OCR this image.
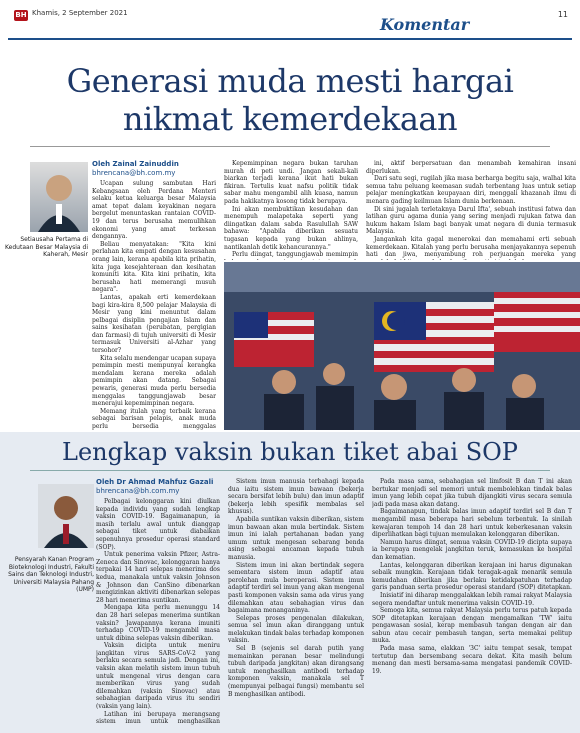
BH Khamis, 2 September 2021
Komentar
11
Generasi muda mesti hargai
nikmat kemerdekaan
Setiausaha Pertama di Kedutaan Besar Malaysia di Kaherah, Mesir
Oleh Zainal Zainuddin
bhrencana@bh.com.my

Ucapan sulung sambutan Hari Kebangsaan oleh Perdana Menteri selaku ketua keluarga besar Malaysia amat tepat dalam keyakinan negara bergelut menuntaskan rantaian COVID-19 dan terus berusaha memulihkan ekonomi yang amat terkesan dengannya.

Beliau menyatakan: "Kita kini perlahan kita empati dengan kesusahan orang lain, kerana apabila kita prihatin, kita juga kesejahteraan dan kesihatan komuniti kita. Kita kini prihatin, kita berusaha hati memerangi musuh negara".

Lantas, apakah erti kemerdekaan bagi kira-kira 8,500 pelajar Malaysia di Mesir yang kini menuntut dalam pelbagai disiplin pengajian Islam dan sains kesihatan (perubatan, pergigian dan farmasi) di tujuh universiti di Mesir termasuk Universiti al-Azhar yang tersohor?

Kita selalu mendengar ucapan supaya pemimpin mesti mempunyai kerangka mendalam kerana mereka adalah pemimpin akan datang. Sebagai pewaris, generasi muda perlu bersedia menggalas tanggungjawab besar menerajui kepemimpinan negara.

Memang itulah yang terbaik kerana sebagai barisan pelapis, anak muda perlu bersedia menggalas

Kepemimpinan negara bukan taruhan murah di peti undi. Jangan sekali-kali biarkan terjadi kerana ikut hati bukan fikiran. Tertulis kuat nafsu politik tidak sabar mahu mengambil alih kuasa, namun pada hakikatnya kosong tidak berupaya.

Ini akan membuktikan kesudahan dan menempuh malapetaka seperti yang diingatkan dalam sabda Rasulullah SAW bahawa: "Apabila diberikan sesuatu tugasan kepada yang bukan ahlinya, nantikanlah detik kehancurannya."

Perlu diingat, tanggungjawab memimpin

ini, aktif berpersatuan dan menambah kemahiran insani diperlukan.

Dari satu segi, rugilah jika masa berharga begitu saja, walhal kita semua tahu peluang keemasan sudah terbentang luas untuk setiap pelajar meningkatkan keupayaan diri, menggali khazanah ilmu di menara gading keilmuan Islam dunia berkenaan.

Di sini jugalah terletaknya Darul Ifta', sebuah institusi fatwa dan latihan guru agama dunia yang sering menjadi rujukan fatwa dan hukum hakam Islam bagi banyak umat negara di dunia termasuk Malaysia.

Jangankah kita gagal menerokai dan memahami erti sebuah kemerdekaan. Kitalah yang perlu berusaha menjayakannya sepenuh hati dan jiwa, menyambung roh perjuangan mereka yang

Lengkap vaksin bukan tiket abai SOP
Pensyarah Kanan Program Bioteknologi Industri, Fakulti Sains dan Teknologi Industri, Universiti Malaysia Pahang (UMP)
Oleh Dr Ahmad Mahfuz Gazali
bhrencana@bh.com.my

Pelbagai kelonggaran kini diulkan kepada individu yang sudah lengkap vaksin COVID-19. Bagaimanapun, ia masih terlalu awal untuk dianggap sebagai tiket untuk diabaikan sepenuhnya prosedur operasi standard (SOP).

Untuk penerima vaksin Pfizer, Astra-Zeneca dan Sinovac, kelonggaran hanya terpakai 14 hari selepas menerima dos kedua, manakala untuk vaksin Johnson & Johnson dan CanSino dibenarkan mengizinkan aktiviti dibenarkan selepas 28 hari menerima suntikan.

Mengapa kita perlu menunggu 14 dan 28 hari selepas menerima suntikan vaksin? Jawapannya kerana imuniti terhadap COVID-19 mengambil masa untuk dibina selepas vaksin diberikan.

Vaksin dicipta untuk meniru jangkitan virus SARS-CoV-2 yang berlaku secara semula jadi. Dengan ini, vaksin akan melatih sistem imun tubuh untuk mengenal virus dengan cara memberikan virus yang sudah dilemahkan (vaksin Sinovac) atau sebahagian daripada virus itu sendiri (vaksin yang lain).

Latihan ini berupaya merangsang sistem imun untuk menghasilkan

Sistem imun manusia terbahagi kepada dua iaitu sistem imun bawaan (bekerja secara bersifat lebih bulu) dan imun adaptif (bekerja lebih spesifik membalas sel khusus).

Apabila suntikan vaksin diberikan, sistem imun bawaan akan mula bertindak. Sistem imun ini ialah pertahanan badan yang umum untuk mengesan sebarang benda asing sebagai ancaman kepada tubuh manusia.

Sistem imun ini akan bertindak segera sementara sistem imun adaptif atau perolehan mula beroperasi. Sistem imun adaptif terdiri sel imun yang akan mengenal pasti komponen vaksin sama ada virus yang dilemahkan atau sebahagian virus dan bagaimana menanganinya.

Selepas proses pengenalan dilakukan, semua sel imun akan diranggang untuk melakukan tindak balas terhadap komponen vaksin.

Sel B (sejenis sel darah putih yang memainkan peranan besar melindungi tubuh daripada jangkitan) akan dirangsang untuk menghasilkan antibodi terhadap komponen vaksin, manakala sel T (mempunyai pelbagai fungsi) membantu sel B menghasilkan antibodi.

Pada masa sama, sebahagian sel limfosit B dan T ini akan bertukar menjadi sel memori untuk membolehkan tindak balas imun yang lebih cepat jika tubuh dijangkiti virus secara semula jadi pada masa akan datang.

Bagaimanapun, tindak balas imun adaptif terdiri sel B dan T mengambil masa beberapa hari sebelum terbentuk. Ia sinilah kewajaran tempoh 14 dan 28 hari untuk keberkesanan vaksin diperlihatkan bagi tujuan memulakan kelonggaran diberikan.

Namun harus diingat, semua vaksin COVID-19 dicipta supaya ia berupaya mengelak jangkitan teruk, kemasukan ke hospital dan kematian.

Lantas, kelonggaran diberikan kerajaan ini harus digunakan sebaik mungkin. Kerajaan tidak teragak-agak menarik semula kemudahan diberikan jika berlaku ketidakpatuhan terhadap garis panduan serta prosedur operasi standard (SOP) ditetapkan.

Inisiatif ini diharap menggalakkan lebih ramai rakyat Malaysia segera mendaftar untuk menerima vaksin COVID-19.

Semoga kita, semua rakyat Malaysia perlu terus patuh kepada SOP ditetapkan kerajaan dengan mengamalkan 'TW' iaitu pengawasan sosial, kerap membasuh tangan dengan air dan sabun atau cecair pembasuh tangan, serta memakai pelitup muka.

Pada masa sama, elakkan '3C' iaitu tempat sesak, tempat tertutup dan bersembang secara dekat. Kita masih belum menang dan mesti bersama-sama mengatasi pandemik COVID-19.
